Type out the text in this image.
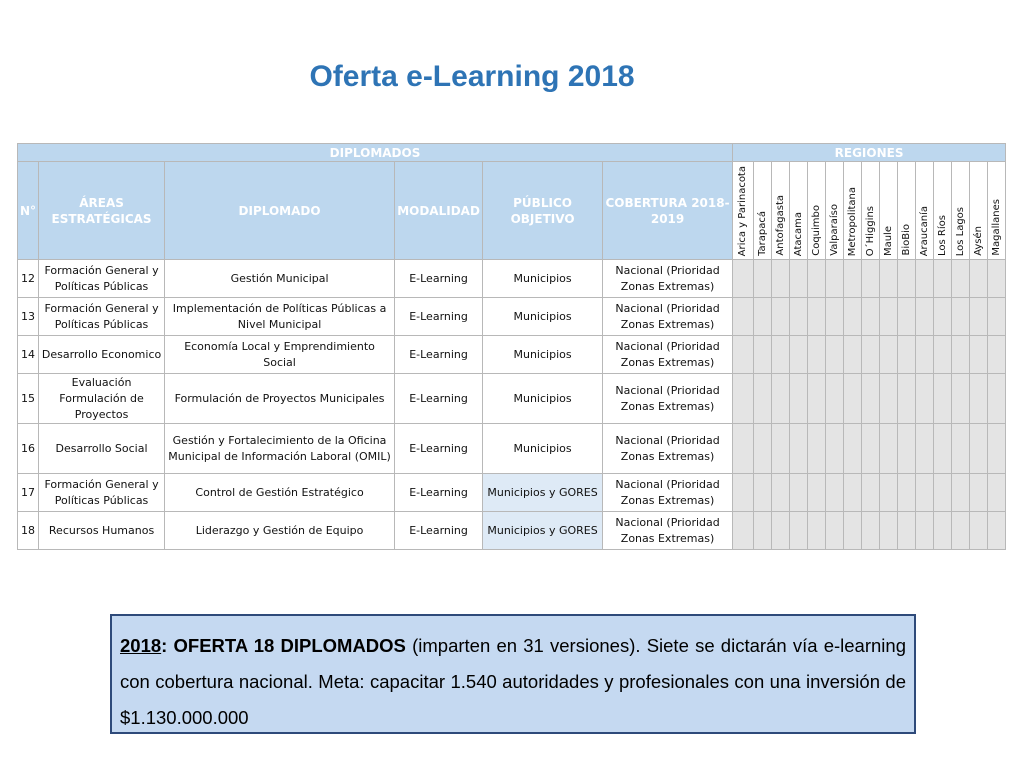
Oferta e-Learning 2018
DIPLOMADOS						REGIONES														
N°	ÁREAS ESTRATÉGICAS	DIPLOMADO	MODALIDAD	PÚBLICO OBJETIVO	COBERTURA 2018-2019	Arica y Parinacota	Tarapacá	Antofagasta	Atacama	Coquimbo	Valparaíso	Metropolitana	O´Higgins	Maule	BioBio	Araucanía	Los Ríos	Los Lagos	Aysén	Magallanes

12	Formación General y Políticas Públicas	Gestión Municipal	E-Learning	Municipios	Nacional (Prioridad Zonas Extremas)															
13	Formación General y Políticas Públicas	Implementación de Políticas Públicas a Nivel Municipal	E-Learning	Municipios	Nacional (Prioridad Zonas Extremas)															
14	Desarrollo Economico	Economía Local y Emprendimiento Social	E-Learning	Municipios	Nacional (Prioridad Zonas Extremas)															
15	Evaluación Formulación de Proyectos	Formulación de Proyectos Municipales	E-Learning	Municipios	Nacional (Prioridad Zonas Extremas)															
16	Desarrollo Social	Gestión y Fortalecimiento de la Oficina Municipal de Información Laboral (OMIL)	E-Learning	Municipios	Nacional (Prioridad Zonas Extremas)															
17	Formación General y Políticas Públicas	Control de Gestión Estratégico	E-Learning	Municipios y GORES	Nacional (Prioridad Zonas Extremas)															
18	Recursos Humanos	Liderazgo y Gestión de Equipo	E-Learning	Municipios y GORES	Nacional (Prioridad Zonas Extremas)															
2018: OFERTA 18 DIPLOMADOS (imparten en 31 versiones). Siete se dictarán vía e-learning con cobertura nacional. Meta: capacitar 1.540 autoridades y profesionales con una inversión de $1.130.000.000
